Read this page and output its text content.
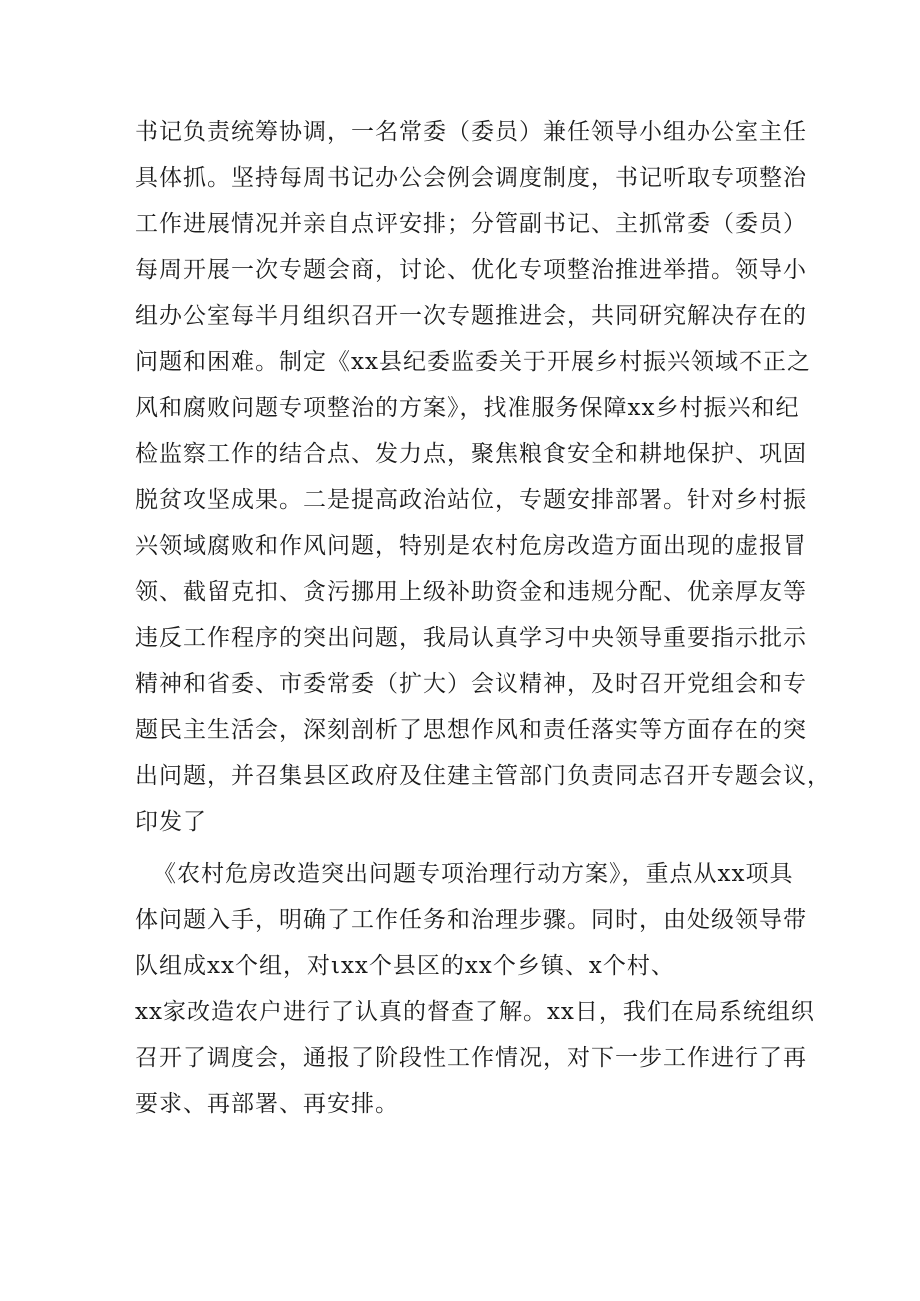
书记负责统筹协调，一名常委（委员）兼任领导小组办公室主任
具体抓。坚持每周书记办公会例会调度制度，书记听取专项整治
工作进展情况并亲自点评安排；分管副书记、主抓常委（委员）
每周开展一次专题会商，讨论、优化专项整治推进举措。领导小
组办公室每半月组织召开一次专题推进会，共同研究解决存在的
问题和困难。制定《xx县纪委监委关于开展乡村振兴领域不正之
风和腐败问题专项整治的方案》，找准服务保障xx乡村振兴和纪
检监察工作的结合点、发力点，聚焦粮食安全和耕地保护、巩固
脱贫攻坚成果。二是提高政治站位，专题安排部署。针对乡村振
兴领域腐败和作风问题，特别是农村危房改造方面出现的虚报冒
领、截留克扣、贪污挪用上级补助资金和违规分配、优亲厚友等
违反工作程序的突出问题，我局认真学习中央领导重要指示批示
精神和省委、市委常委（扩大）会议精神，及时召开党组会和专
题民主生活会，深刻剖析了思想作风和责任落实等方面存在的突
出问题，并召集县区政府及住建主管部门负责同志召开专题会议，
印发了
《农村危房改造突出问题专项治理行动方案》，重点从xx项具
体问题入手，明确了工作任务和治理步骤。同时，由处级领导带
队组成xx个组，对ιxx个县区的xx个乡镇、x个村、
xx家改造农户进行了认真的督查了解。xx日，我们在局系统组织
召开了调度会，通报了阶段性工作情况，对下一步工作进行了再
要求、再部署、再安排。
